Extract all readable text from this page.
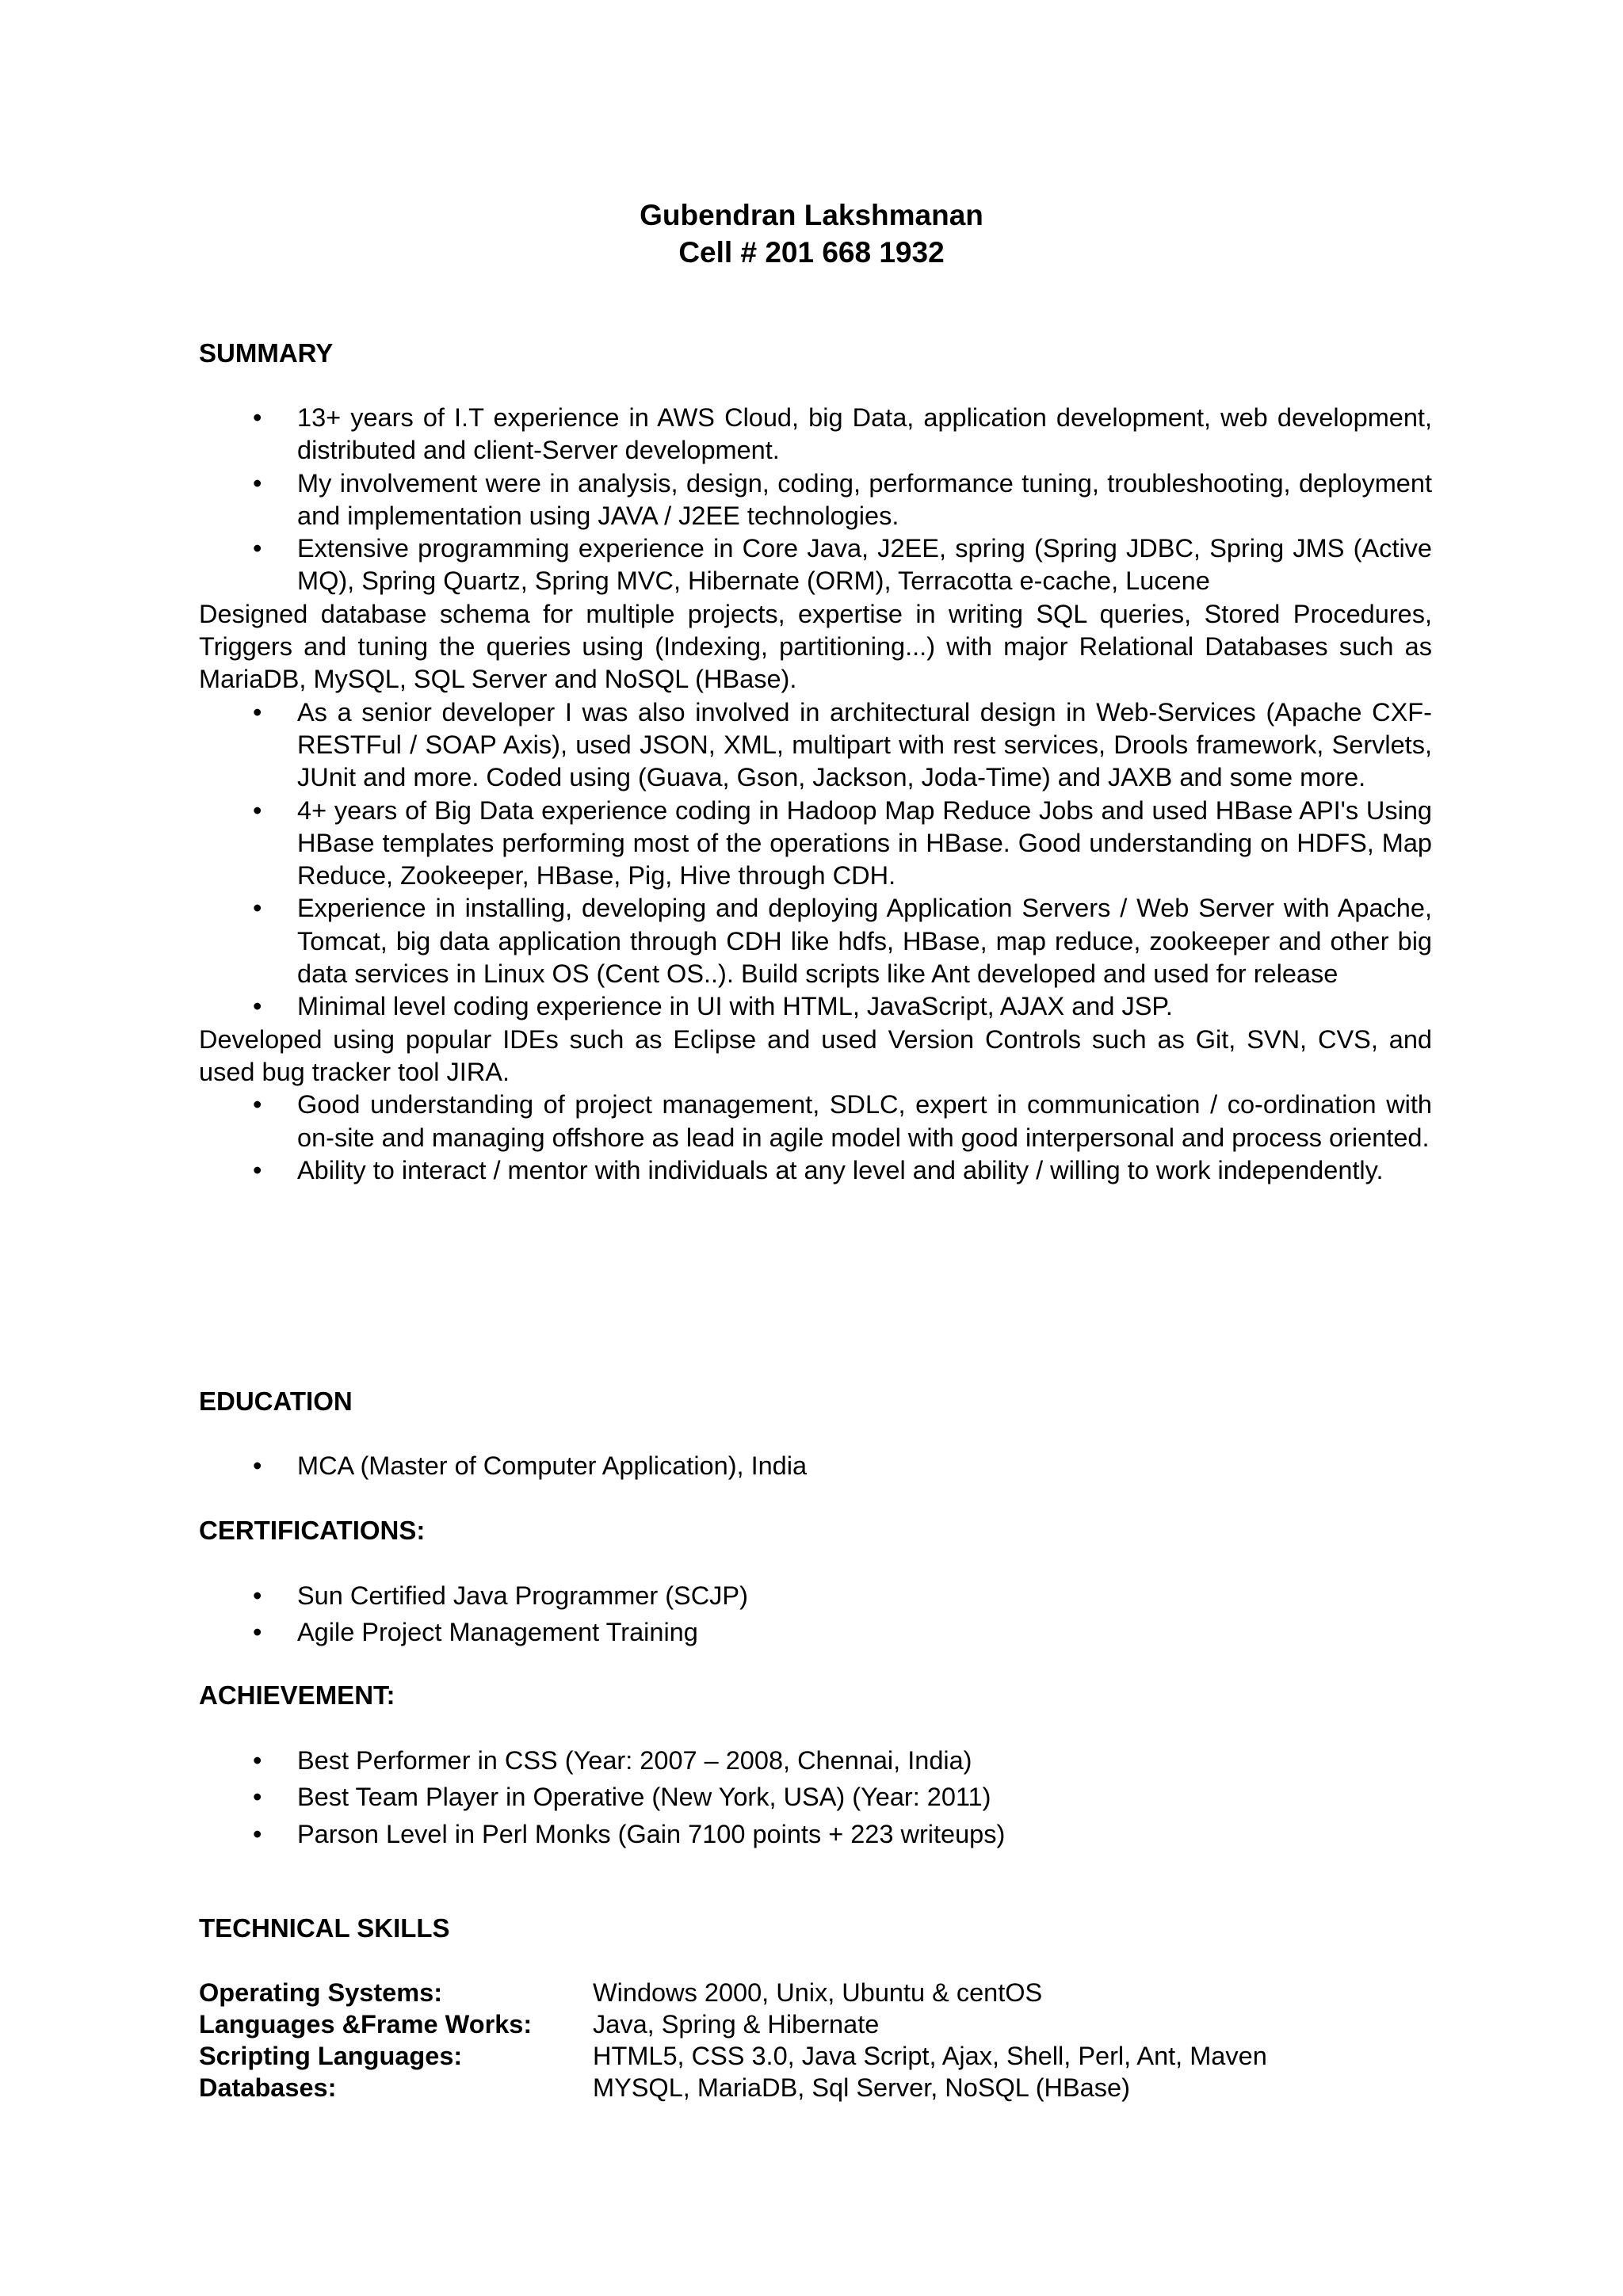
Gubendran Lakshmanan
Cell # 201 668 1932
SUMMARY
• 13+ years of I.T experience in AWS Cloud, big Data, application development, web development, distributed and client-Server development.
• My involvement were in analysis, design, coding, performance tuning, troubleshooting, deployment and implementation using JAVA / J2EE technologies.
• Extensive programming experience in Core Java, J2EE, spring (Spring JDBC, Spring JMS (Active MQ), Spring Quartz, Spring MVC, Hibernate (ORM), Terracotta e-cache, Lucene
Designed database schema for multiple projects, expertise in writing SQL queries, Stored Procedures, Triggers and tuning the queries using (Indexing, partitioning...) with major Relational Databases such as MariaDB, MySQL, SQL Server and NoSQL (HBase).
• As a senior developer I was also involved in architectural design in Web-Services (Apache CXF-RESTFul / SOAP Axis), used JSON, XML, multipart with rest services, Drools framework, Servlets, JUnit and more. Coded using (Guava, Gson, Jackson, Joda-Time) and JAXB and some more.
• 4+ years of Big Data experience coding in Hadoop Map Reduce Jobs and used HBase API's Using HBase templates performing most of the operations in HBase. Good understanding on HDFS, Map Reduce, Zookeeper, HBase, Pig, Hive through CDH.
• Experience in installing, developing and deploying Application Servers / Web Server with Apache, Tomcat, big data application through CDH like hdfs, HBase, map reduce, zookeeper and other big data services in Linux OS (Cent OS..). Build scripts like Ant developed and used for release
• Minimal level coding experience in UI with HTML, JavaScript, AJAX and JSP.
Developed using popular IDEs such as Eclipse and used Version Controls such as Git, SVN, CVS, and used bug tracker tool JIRA.
• Good understanding of project management, SDLC, expert in communication / co-ordination with on-site and managing offshore as lead in agile model with good interpersonal and process oriented.
• Ability to interact / mentor with individuals at any level and ability / willing to work independently.
EDUCATION
• MCA (Master of Computer Application), India
CERTIFICATIONS:
• Sun Certified Java Programmer (SCJP)
• Agile Project Management Training
ACHIEVEMENT:
• Best Performer in CSS (Year: 2007 – 2008, Chennai, India)
• Best Team Player in Operative (New York, USA) (Year: 2011)
• Parson Level in Perl Monks (Gain 7100 points + 223 writeups)
TECHNICAL SKILLS
Operating Systems:	Windows 2000, Unix, Ubuntu & centOS
Languages &Frame Works:	Java, Spring & Hibernate
Scripting Languages:	HTML5, CSS 3.0, Java Script, Ajax, Shell, Perl, Ant, Maven
Databases:	MYSQL, MariaDB, Sql Server, NoSQL (HBase)
